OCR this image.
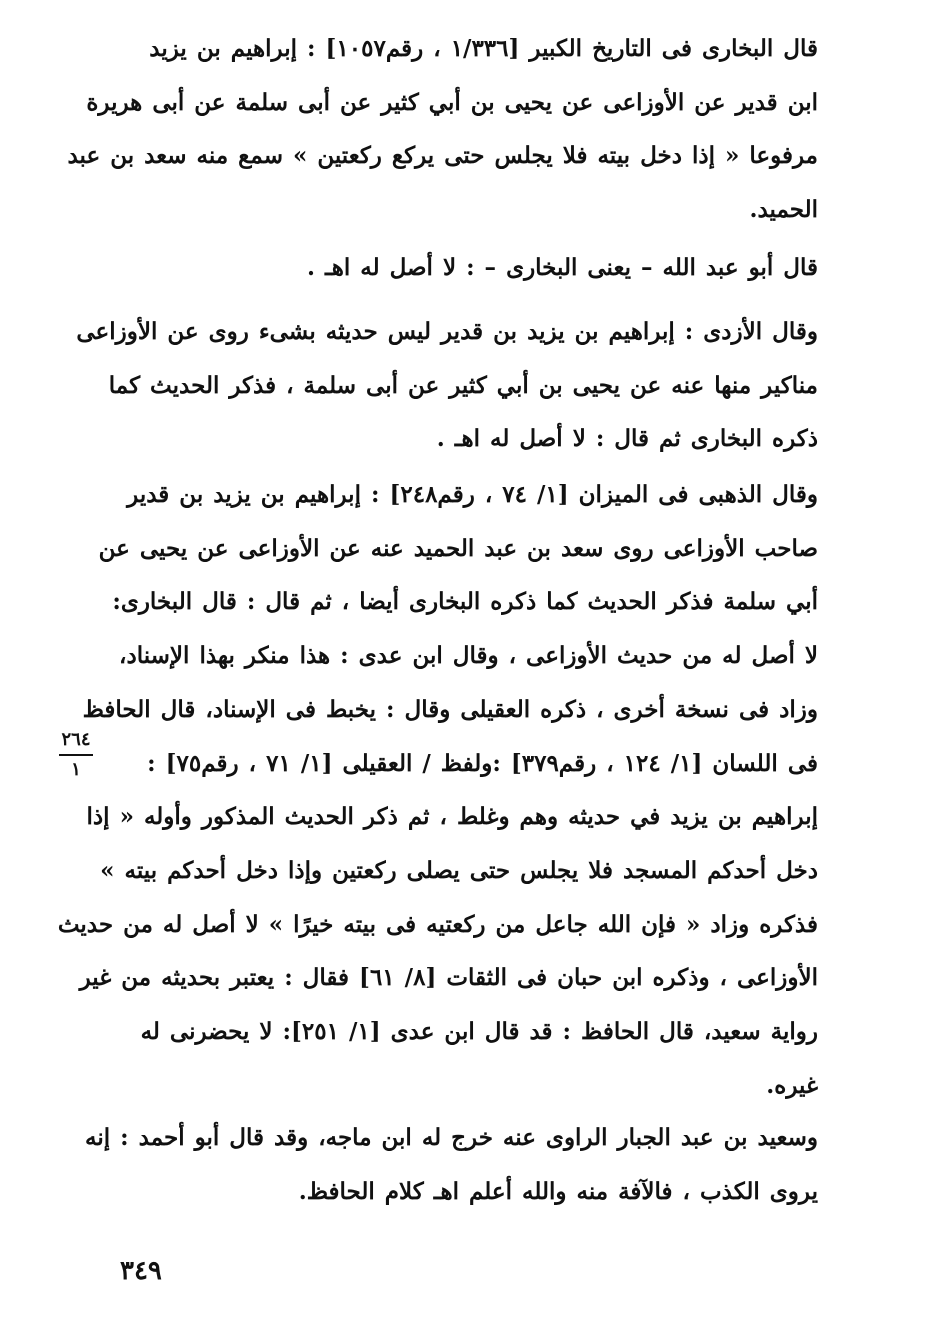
قال البخارى فى التاريخ الكبير [١/٣٣٦ ، رقم١٠٥٧] : إبراهيم بن يزيد
ابن قدير عن الأوزاعى عن يحيى بن أبي كثير عن أبى سلمة عن أبى هريرة
مرفوعا « إذا دخل بيته فلا يجلس حتى يركع ركعتين » سمع منه سعد بن عبد
الحميد.
قال أبو عبد الله – يعنى البخارى – : لا أصل له اهـ .
وقال الأزدى : إبراهيم بن يزيد بن قدير ليس حديثه بشىء روى عن الأوزاعى
مناكير منها عنه عن يحيى بن أبي كثير عن أبى سلمة ، فذكر الحديث كما
ذكره البخارى ثم قال : لا أصل له اهـ .
وقال الذهبى فى الميزان [١/ ٧٤ ، رقم٢٤٨] : إبراهيم بن يزيد بن قدير
صاحب الأوزاعى روى سعد بن عبد الحميد عنه عن الأوزاعى عن يحيى عن
أبي سلمة فذكر الحديث كما ذكره البخارى أيضا ، ثم قال : قال البخارى:
لا أصل له من حديث الأوزاعى ، وقال ابن عدى : هذا منكر بهذا الإسناد،
وزاد فى نسخة أخرى ، ذكره العقيلى وقال : يخبط فى الإسناد، قال الحافظ
فى اللسان [١/ ١٢٤ ، رقم٣٧٩] :ولفظ / العقيلى [١/ ٧١ ، رقم٧٥] :
إبراهيم بن يزيد في حديثه وهم وغلط ، ثم ذكر الحديث المذكور وأوله « إذا
دخل أحدكم المسجد فلا يجلس حتى يصلى ركعتين وإذا دخل أحدكم بيته »
فذكره وزاد « فإن الله جاعل من ركعتيه فى بيته خيرًا » لا أصل له من حديث
الأوزاعى ، وذكره ابن حبان فى الثقات [٨/ ٦١] فقال : يعتبر بحديثه من غير
رواية سعيد، قال الحافظ : قد قال ابن عدى [١/ ٢٥١]: لا يحضرنى له
غيره.
وسعيد بن عبد الجبار الراوى عنه خرج له ابن ماجه، وقد قال أبو أحمد : إنه
يروى الكذب ، فالآفة منه والله أعلم اهـ كلام الحافظ.
٢٦٤
١
٣٤٩
